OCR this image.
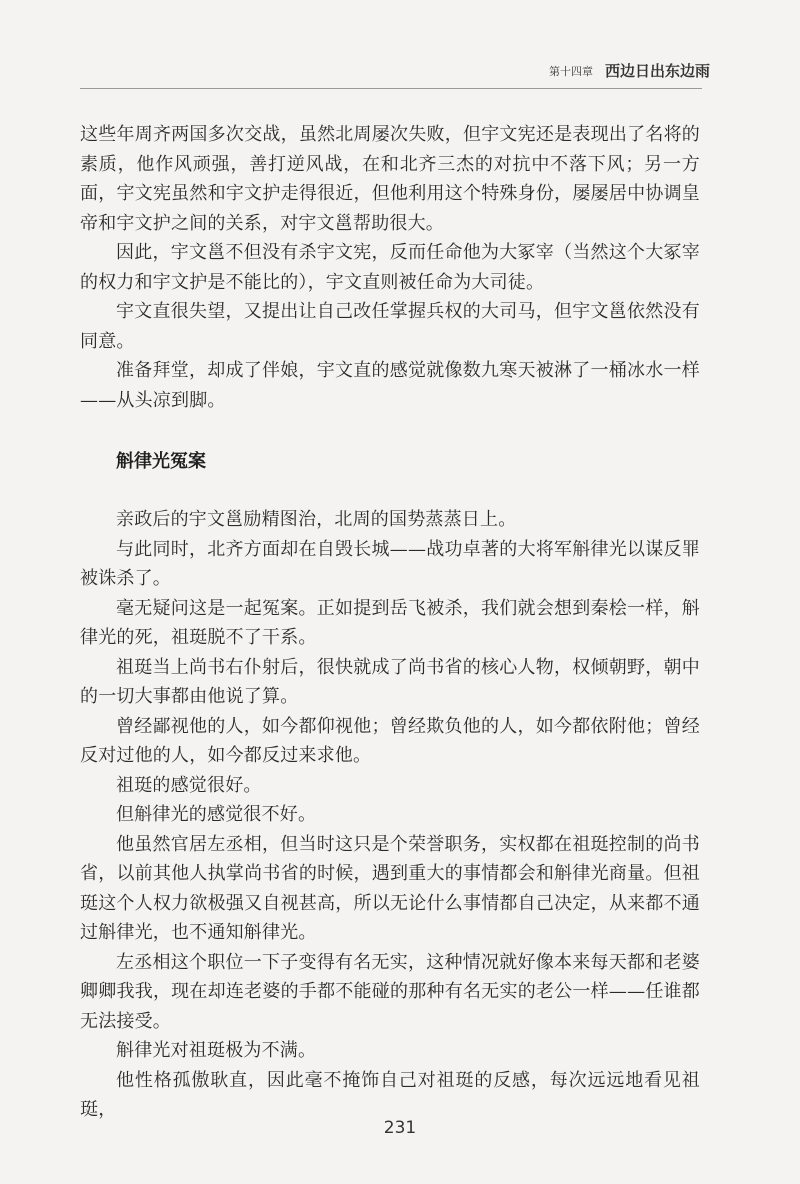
第十四章 西边日出东边雨

这些年周齐两国多次交战，虽然北周屡次失败，但宇文宪还是表现出了名将的素质，他作风顽强，善打逆风战，在和北齐三杰的对抗中不落下风；另一方面，宇文宪虽然和宇文护走得很近，但他利用这个特殊身份，屡屡居中协调皇帝和宇文护之间的关系，对宇文邕帮助很大。

因此，宇文邕不但没有杀宇文宪，反而任命他为大冢宰（当然这个大冢宰的权力和宇文护是不能比的），宇文直则被任命为大司徒。

宇文直很失望，又提出让自己改任掌握兵权的大司马，但宇文邕依然没有同意。

准备拜堂，却成了伴娘，宇文直的感觉就像数九寒天被淋了一桶冰水一样——从头凉到脚。

斛律光冤案

亲政后的宇文邕励精图治，北周的国势蒸蒸日上。

与此同时，北齐方面却在自毁长城——战功卓著的大将军斛律光以谋反罪被诛杀了。

毫无疑问这是一起冤案。正如提到岳飞被杀，我们就会想到秦桧一样，斛律光的死，祖珽脱不了干系。

祖珽当上尚书右仆射后，很快就成了尚书省的核心人物，权倾朝野，朝中的一切大事都由他说了算。

曾经鄙视他的人，如今都仰视他；曾经欺负他的人，如今都依附他；曾经反对过他的人，如今都反过来求他。

祖珽的感觉很好。

但斛律光的感觉很不好。

他虽然官居左丞相，但当时这只是个荣誉职务，实权都在祖珽控制的尚书省，以前其他人执掌尚书省的时候，遇到重大的事情都会和斛律光商量。但祖珽这个人权力欲极强又自视甚高，所以无论什么事情都自己决定，从来都不通过斛律光，也不通知斛律光。

左丞相这个职位一下子变得有名无实，这种情况就好像本来每天都和老婆卿卿我我，现在却连老婆的手都不能碰的那种有名无实的老公一样——任谁都无法接受。

斛律光对祖珽极为不满。

他性格孤傲耿直，因此毫不掩饰自己对祖珽的反感，每次远远地看见祖珽，

231
